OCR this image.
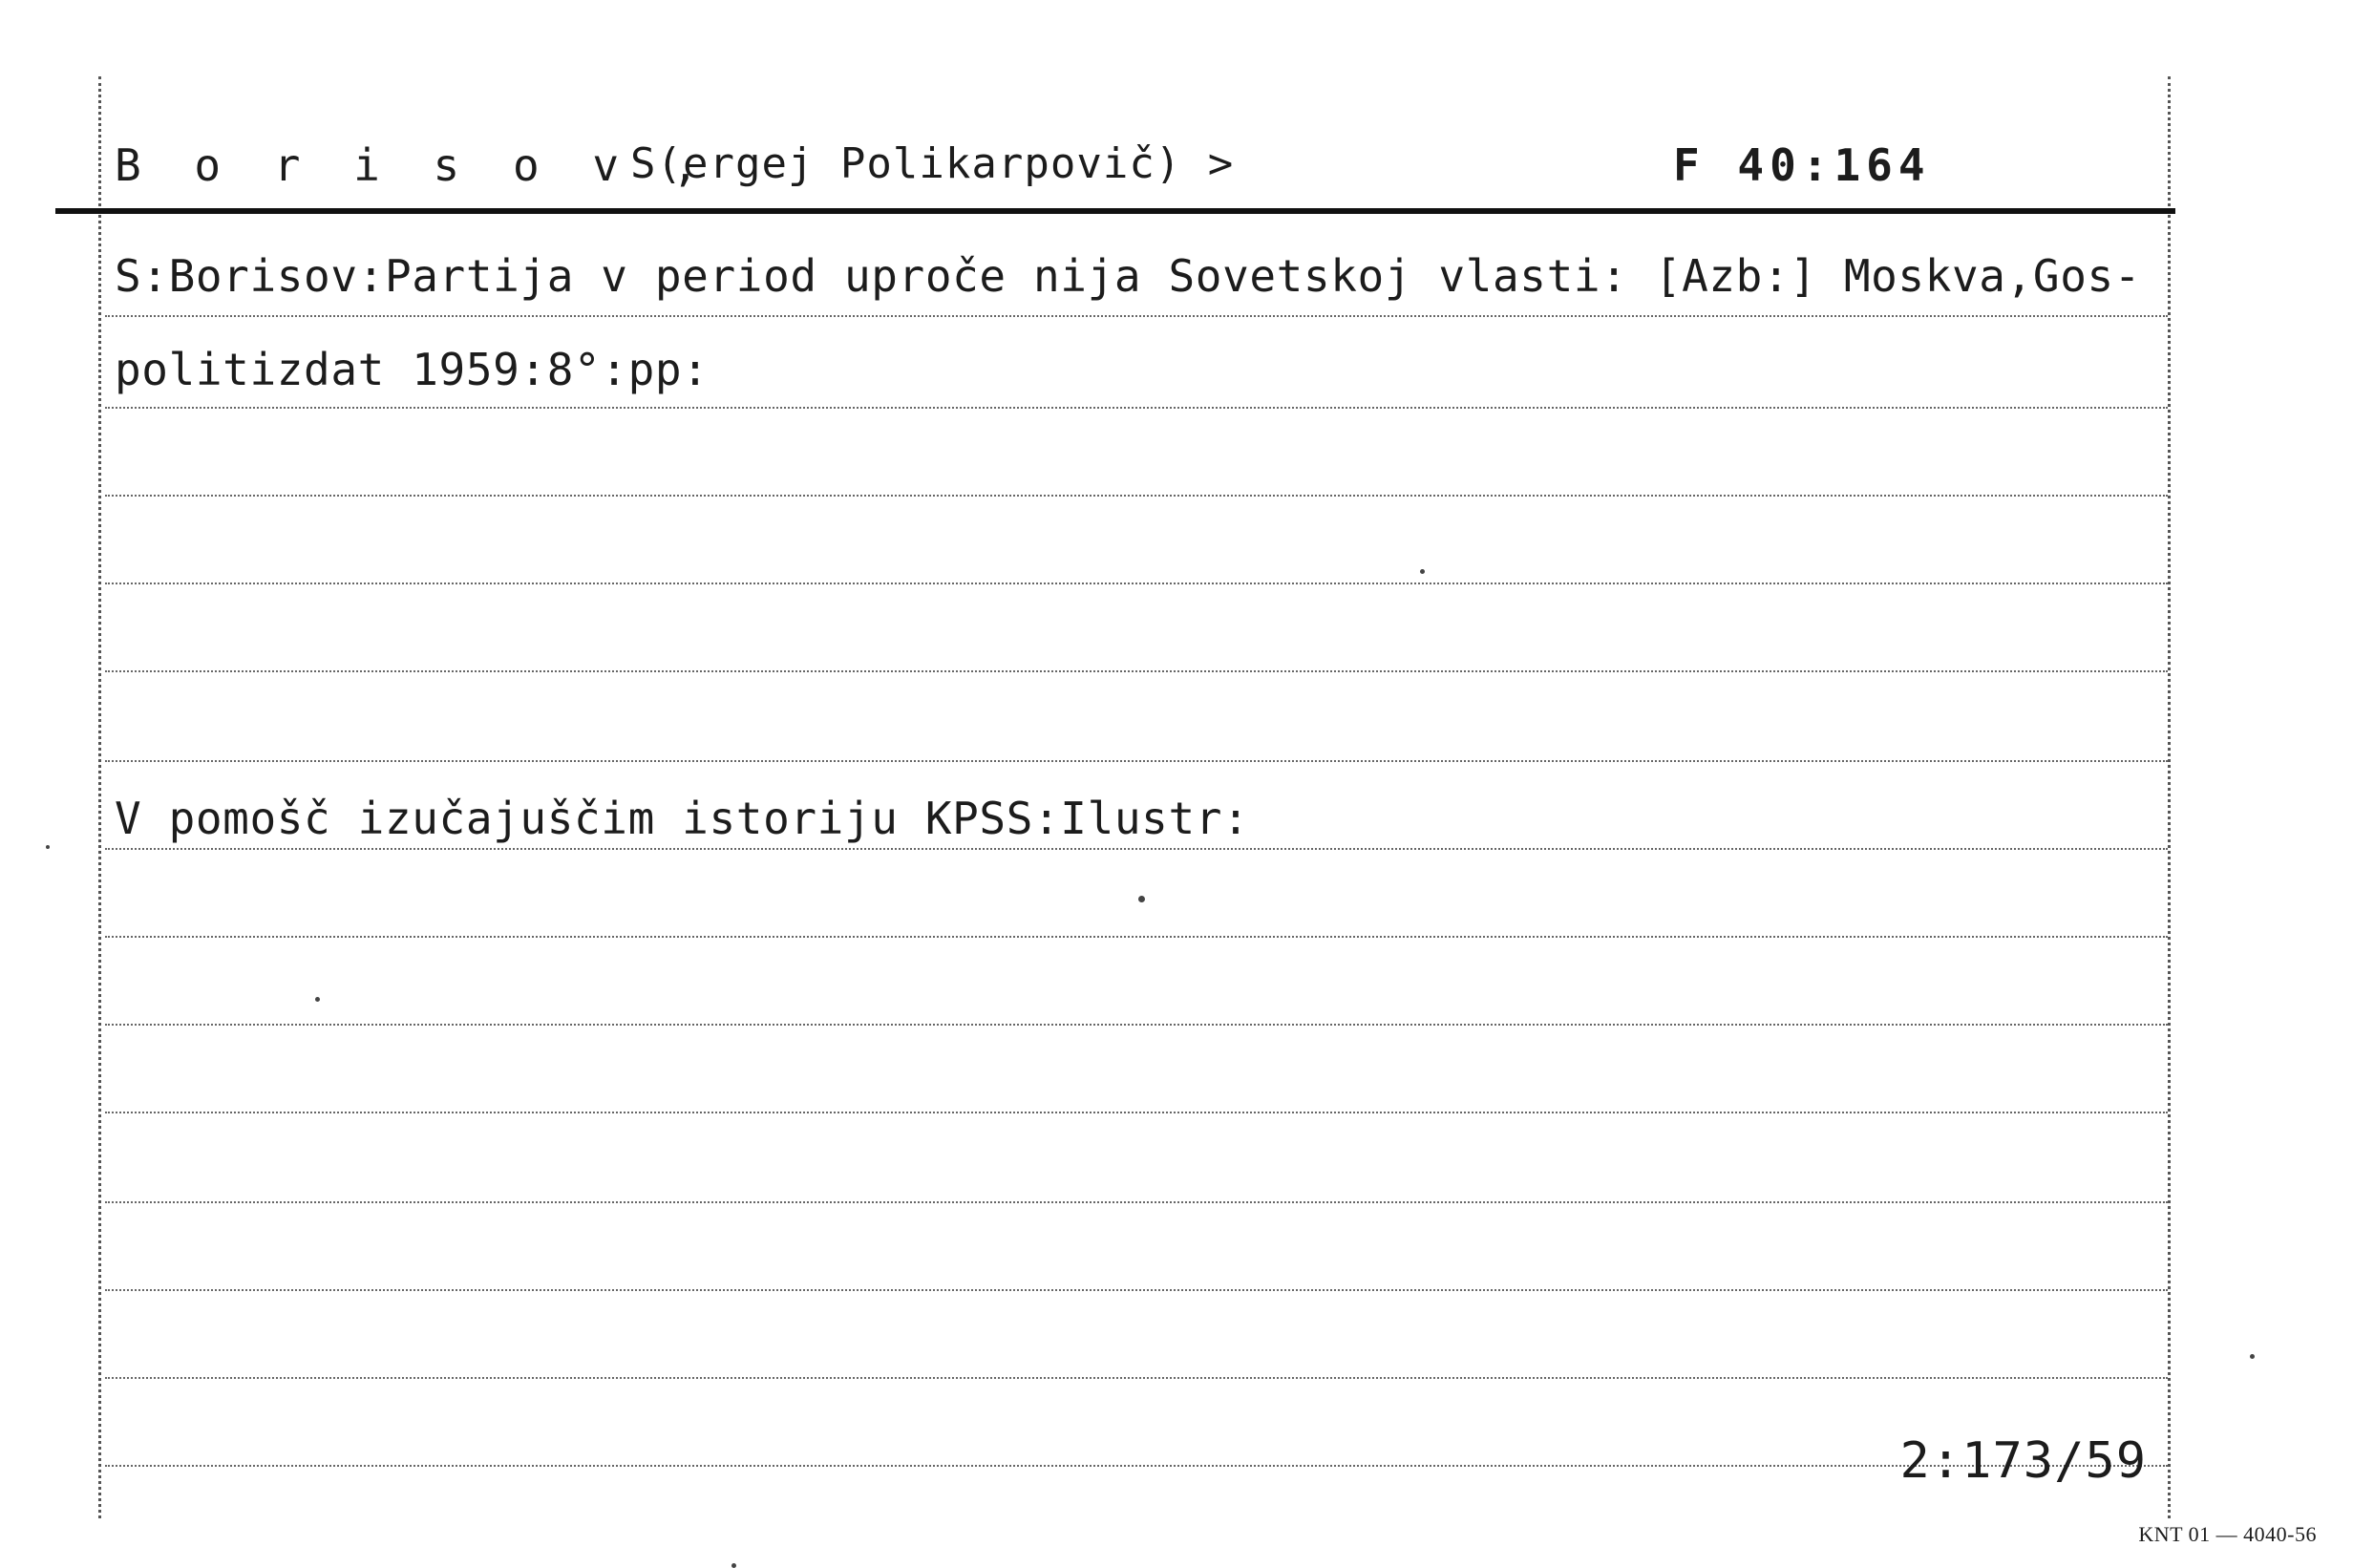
B o r i s o v ,
S(ergej Polikarpovič) >	F 40:164
S:Borisov:Partija v period uproče nija Sovetskoj vlasti: [Azb:] Moskva,Gos-
politizdat 1959:8°:pp:
V pomošč izučajuščim istoriju KPSS:Ilustr:
2:173/59
KNT 01 — 4040-56
